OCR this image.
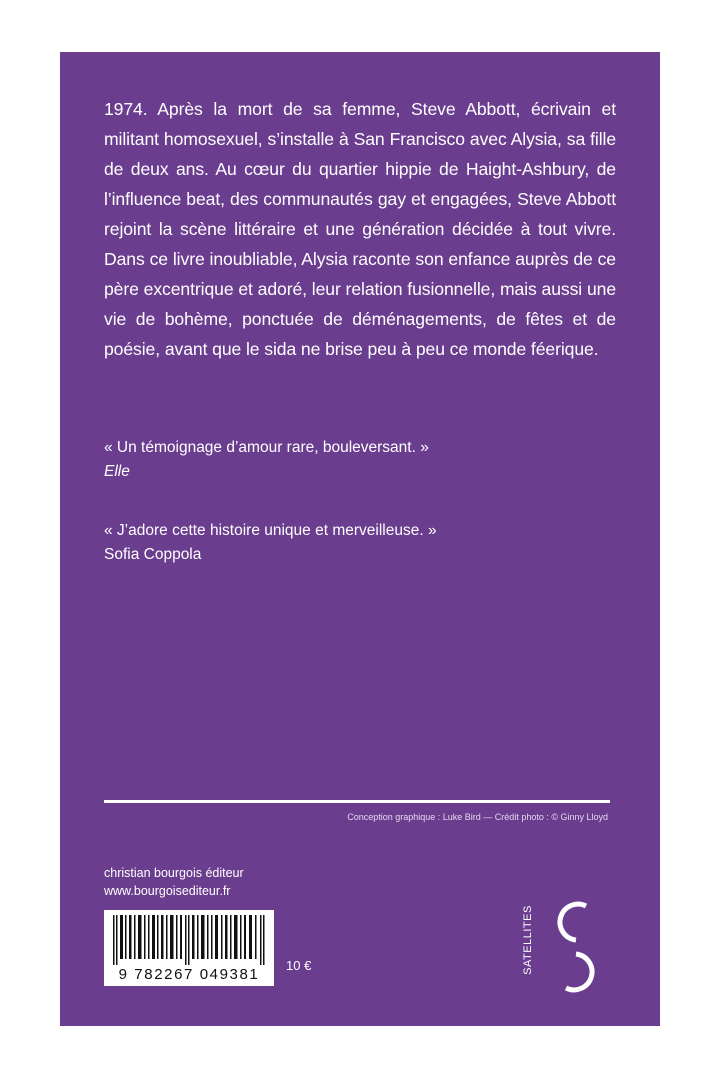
1974. Après la mort de sa femme, Steve Abbott, écrivain et militant homosexuel, s’installe à San Francisco avec Alysia, sa fille de deux ans. Au cœur du quartier hippie de Haight-Ashbury, de l’influence beat, des communautés gay et engagées, Steve Abbott rejoint la scène littéraire et une génération décidée à tout vivre. Dans ce livre inoubliable, Alysia raconte son enfance auprès de ce père excentrique et adoré, leur relation fusionnelle, mais aussi une vie de bohème, ponctuée de déménagements, de fêtes et de poésie, avant que le sida ne brise peu à peu ce monde féerique.

« Un témoignage d’amour rare, bouleversant. »
Elle
« J’adore cette histoire unique et merveilleuse. »
Sofia Coppola
Conception graphique : Luke Bird — Crédit photo : © Ginny Lloyd
christian bourgois éditeur
www.bourgoisediteur.fr
9 782267 049381
10 €	SATELLITES
